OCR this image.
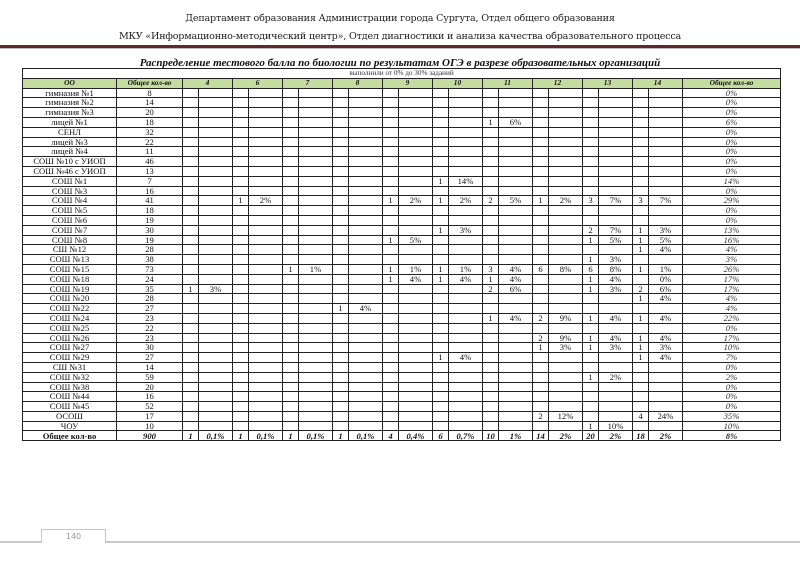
Департамент образования Администрации города Сургута, Отдел общего образования
МКУ «Информационно-методический центр», Отдел диагностики и анализа качества образовательного процесса
Распределение тестового балла по биологии по результатам ОГЭ в разрезе образовательных организаций
выполнили от 0% до 30% заданий																						
ОО	Общее кол-во	4		6		7		8		9		10		11		12		13		14		Общее кол-во
гимназия №1	8																					0%
гимназия №2	14																					0%
гимназия №3	20																					0%
лицей №1	18													1	6%							6%
СЕНЛ	32																					0%
лицей №3	22																					0%
лицей №4	11																					0%
СОШ №10 с УИОП	46																					0%
СОШ №46 с УИОП	13																					0%
СОШ №1	7											1	14%									14%
СОШ №3	16																					0%
СОШ №4	41			1	2%					1	2%	1	2%	2	5%	1	2%	3	7%	3	7%	29%
СОШ №5	18																					0%
СОШ №6	19																					0%
СОШ №7	30											1	3%					2	7%	1	3%	13%
СОШ №8	19									1	5%							1	5%	1	5%	16%
СШ №12	28																			1	4%	4%
СОШ №13	38																	1	3%			3%
СОШ №15	73					1	1%			1	1%	1	1%	3	4%	6	8%	6	8%	1	1%	26%
СОШ №18	24									1	4%	1	4%	1	4%			1	4%		0%	17%
СОШ №19	35	1	3%											2	6%			1	3%	2	6%	17%
СОШ №20	28																			1	4%	4%
СОШ №22	27							1	4%													4%
СОШ №24	23													1	4%	2	9%	1	4%	1	4%	22%
СОШ №25	22																					0%
СОШ №26	23															2	9%	1	4%	1	4%	17%
СОШ №27	30															1	3%	1	3%	1	3%	10%
СОШ №29	27											1	4%							1	4%	7%
СШ №31	14																					0%
СОШ №32	59																	1	2%			2%
СОШ №38	20																					0%
СОШ №44	16																					0%
СОШ №45	52																					0%
ОСОШ	17															2	12%			4	24%	35%
ЧОУ	10																	1	10%			10%
Общее кол-во	900	1	0,1%	1	0,1%	1	0,1%	1	0,1%	4	0,4%	6	0,7%	10	1%	14	2%	20	2%	18	2%	8%
140
